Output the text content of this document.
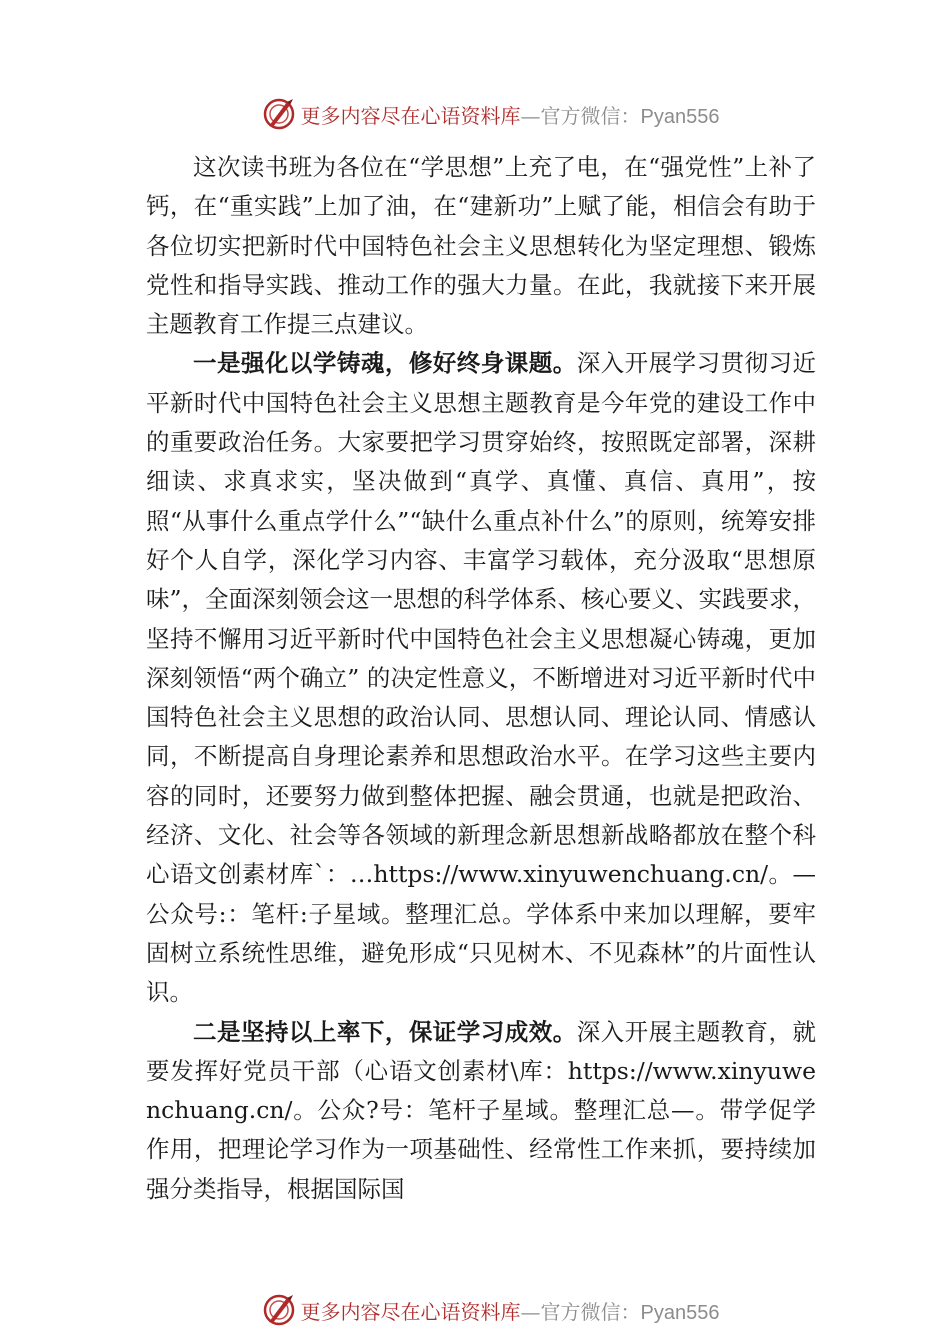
更多内容尽在心语资料库—官方微信：Pyan556

这次读书班为各位在“学思想”上充了电，在“强党性”上补了钙，在“重实践”上加了油，在“建新功”上赋了能，相信会有助于各位切实把新时代中国特色社会主义思想转化为坚定理想、锻炼党性和指导实践、推动工作的强大力量。在此，我就接下来开展主题教育工作提三点建议。

一是强化以学铸魂，修好终身课题。深入开展学习贯彻习近平新时代中国特色社会主义思想主题教育是今年党的建设工作中的重要政治任务。大家要把学习贯穿始终，按照既定部署，深耕细读、求真求实，坚决做到“真学、真懂、真信、真用”，按照“从事什么重点学什么”“缺什么重点补什么”的原则，统筹安排好个人自学，深化学习内容、丰富学习载体，充分汲取“思想原味”，全面深刻领会这一思想的科学体系、核心要义、实践要求，坚持不懈用习近平新时代中国特色社会主义思想凝心铸魂，更加深刻领悟“两个确立” 的决定性意义，不断增进对习近平新时代中国特色社会主义思想的政治认同、思想认同、理论认同、情感认同，不断提高自身理论素养和思想政治水平。在学习这些主要内容的同时，还要努力做到整体把握、融会贯通，也就是把政治、经济、文化、社会等各领域的新理念新思想新战略都放在整个科心语文创素材库`：…https://www.xinyuwenchuang.cn/。—公众号:：笔杆:子星域。整理汇总。学体系中来加以理解，要牢固树立系统性思维，避免形成“只见树木、不见森林”的片面性认识。

二是坚持以上率下，保证学习成效。深入开展主题教育，就要发挥好党员干部（心语文创素材\库：https://www.xinyuwenchuang.cn/。公众?号：笔杆子星域。整理汇总—。带学促学作用，把理论学习作为一项基础性、经常性工作来抓，要持续加强分类指导，根据国际国

更多内容尽在心语资料库—官方微信：Pyan556
